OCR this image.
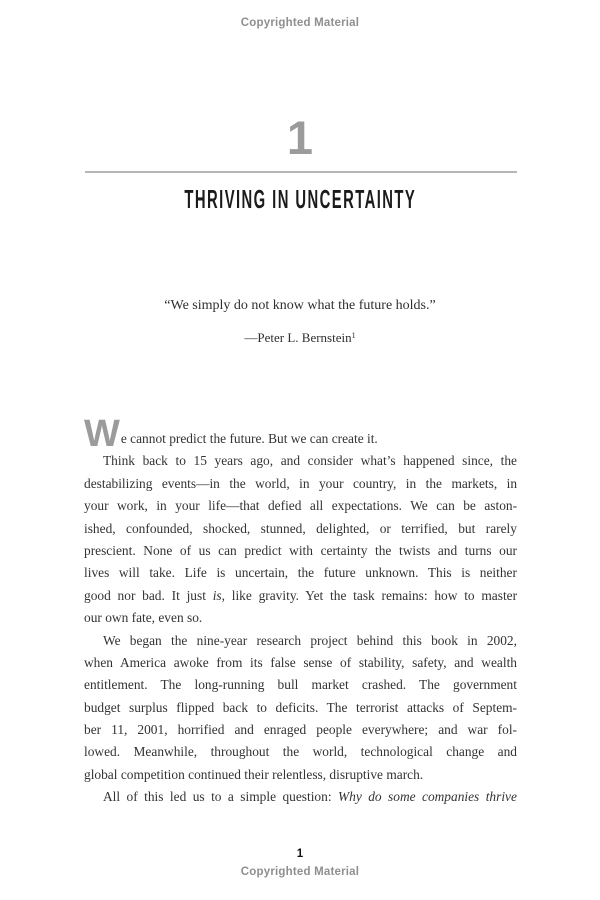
Copyrighted Material
1
THRIVING IN UNCERTAINTY
“We simply do not know what the future holds.”
—Peter L. Bernstein$^1$
We cannot predict the future. But we can create it.
Think back to 15 years ago, and consider what’s happened since, the
destabilizing events—in the world, in your country, in the markets, in
your work, in your life—that defied all expectations. We can be aston-
ished, confounded, shocked, stunned, delighted, or terrified, but rarely
prescient. None of us can predict with certainty the twists and turns our
lives will take. Life is uncertain, the future unknown. This is neither
good nor bad. It just is, like gravity. Yet the task remains: how to master
our own fate, even so.
We began the nine-year research project behind this book in 2002,
when America awoke from its false sense of stability, safety, and wealth
entitlement. The long-running bull market crashed. The government
budget surplus flipped back to deficits. The terrorist attacks of Septem-
ber 11, 2001, horrified and enraged people everywhere; and war fol-
lowed. Meanwhile, throughout the world, technological change and
global competition continued their relentless, disruptive march.
All of this led us to a simple question: Why do some companies thrive
1
Copyrighted Material
